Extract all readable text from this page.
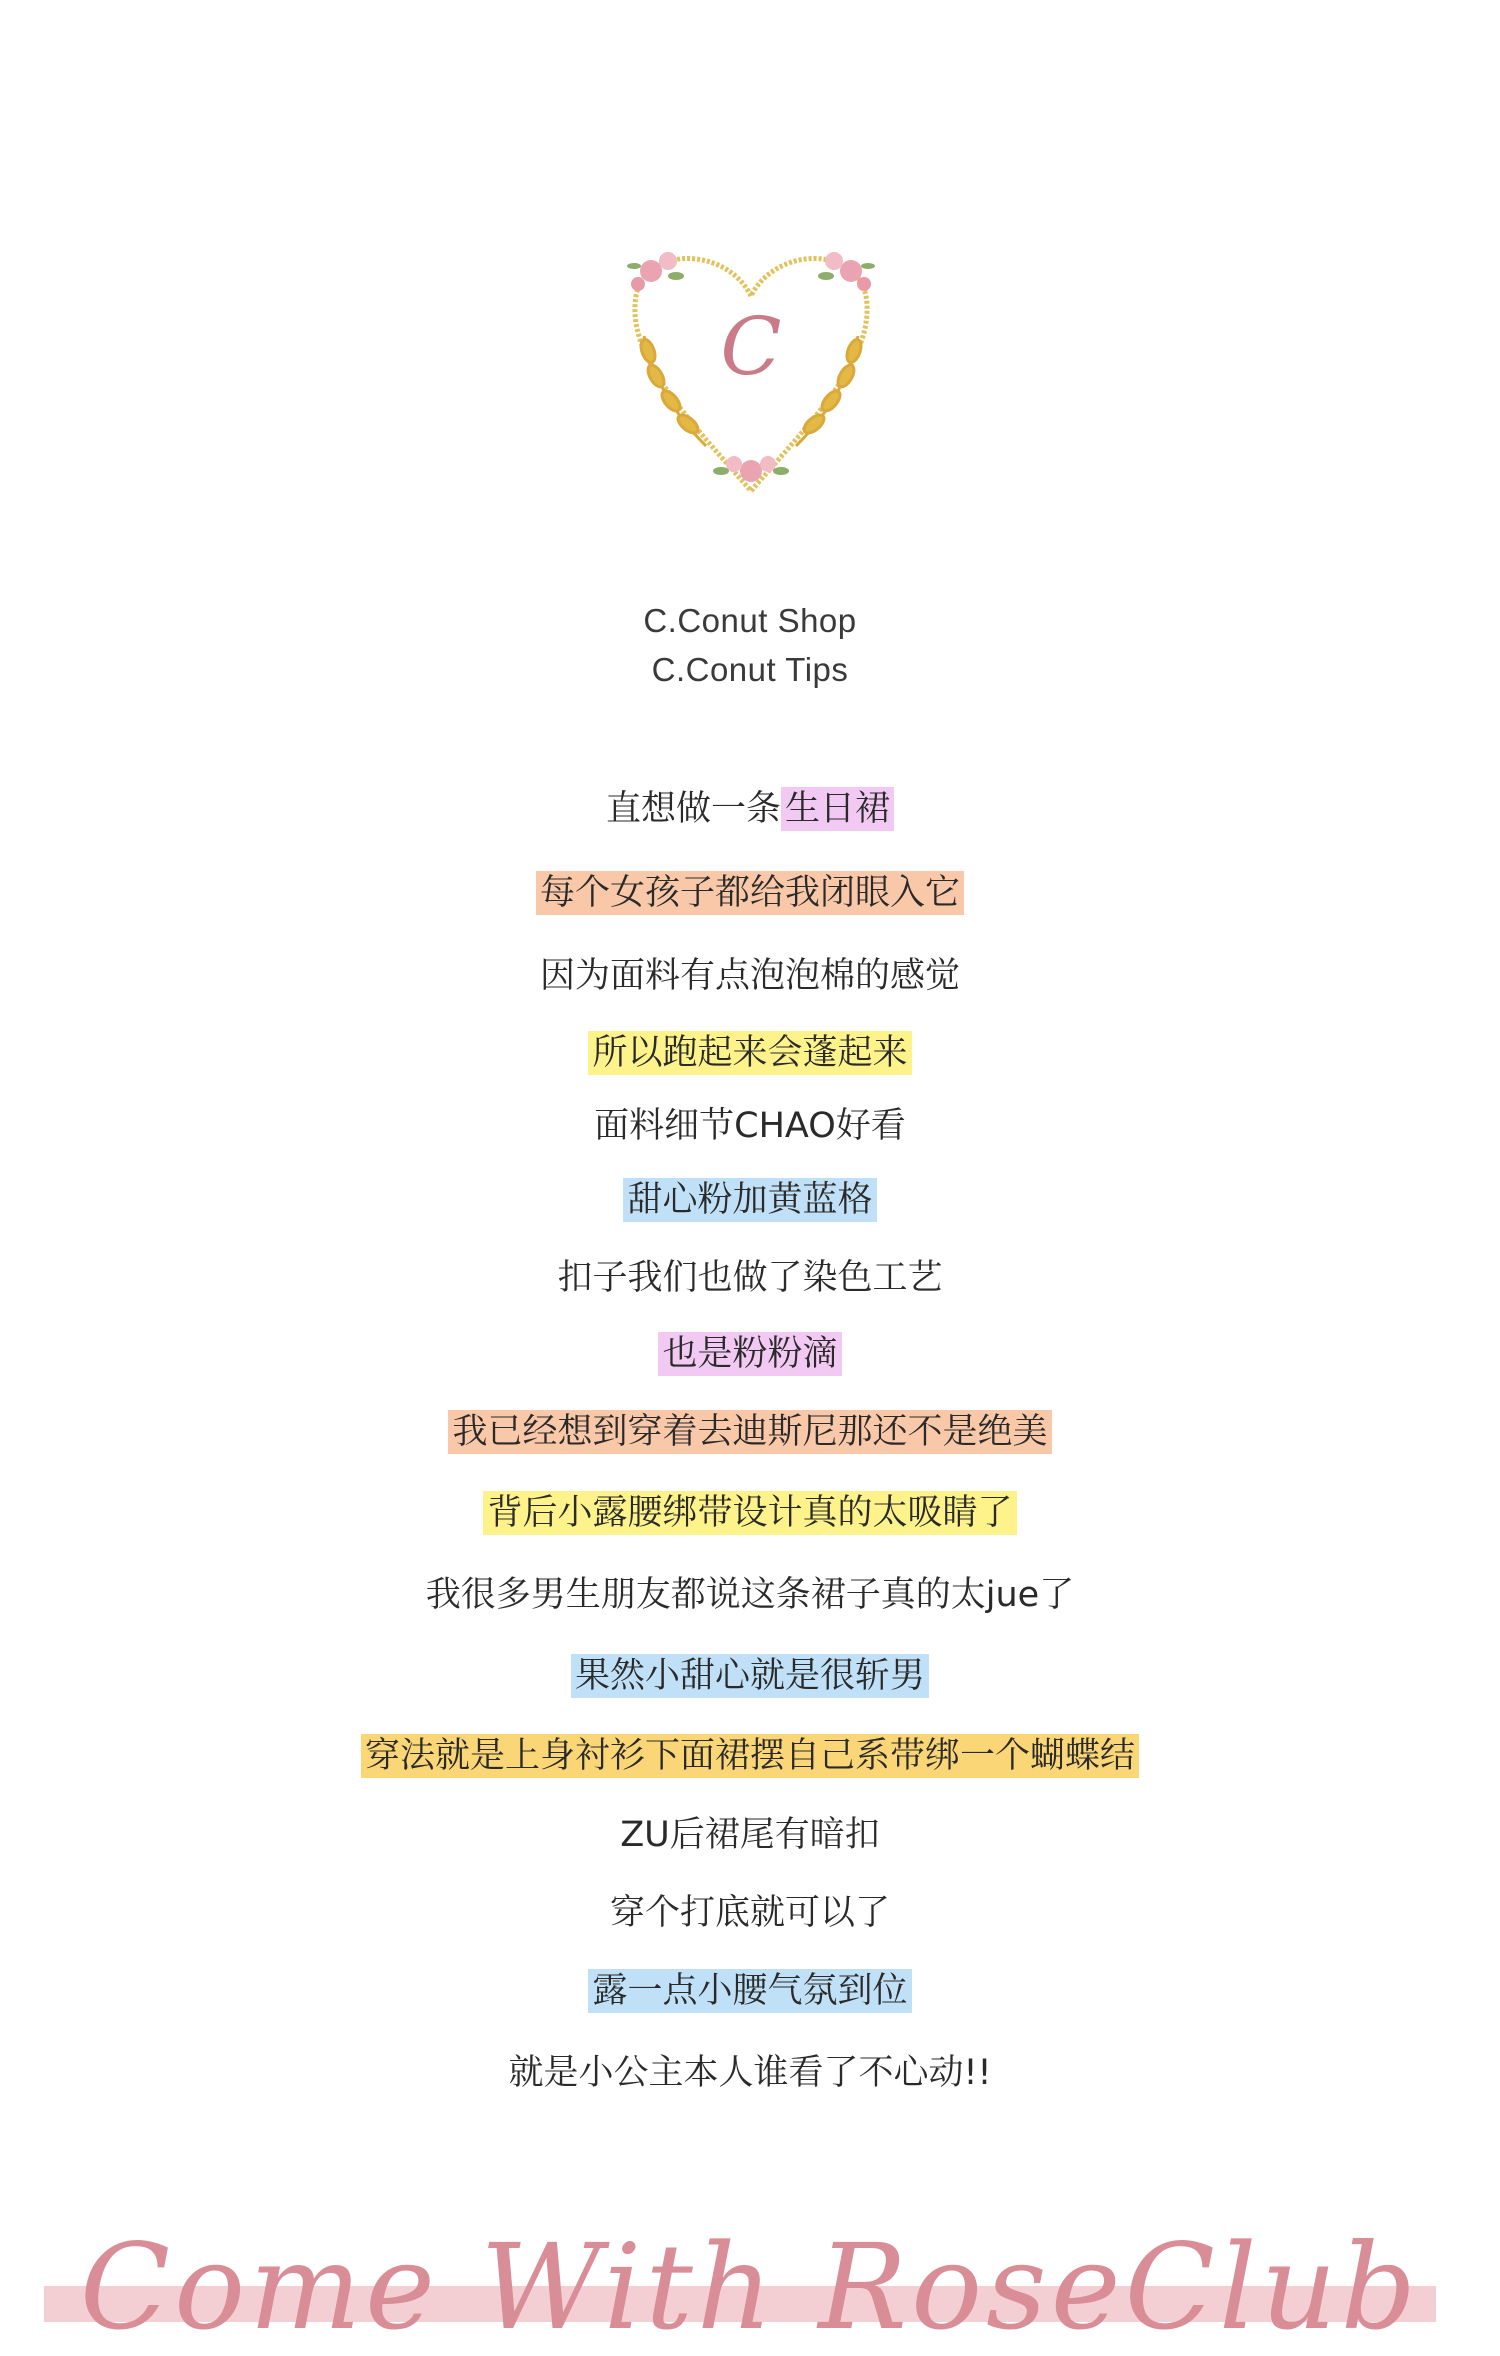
C
C.Conut Shop
C.Conut Tips
直想做一条 生日裙
每个女孩子都给我闭眼入它
因为面料有点泡泡棉的感觉
所以跑起来会蓬起来
面料细节CHAO好看
甜心粉加黄蓝格
扣子我们也做了染色工艺
也是粉粉滴
我已经想到穿着去迪斯尼那还不是绝美
背后小露腰绑带设计真的太吸睛了
我很多男生朋友都说这条裙子真的太jue了
果然小甜心就是很斩男
穿法就是上身衬衫下面裙摆自己系带绑一个蝴蝶结
ZU后裙尾有暗扣
穿个打底就可以了
露一点小腰气氛到位
就是小公主本人谁看了不心动!!
Come With RoseClub
